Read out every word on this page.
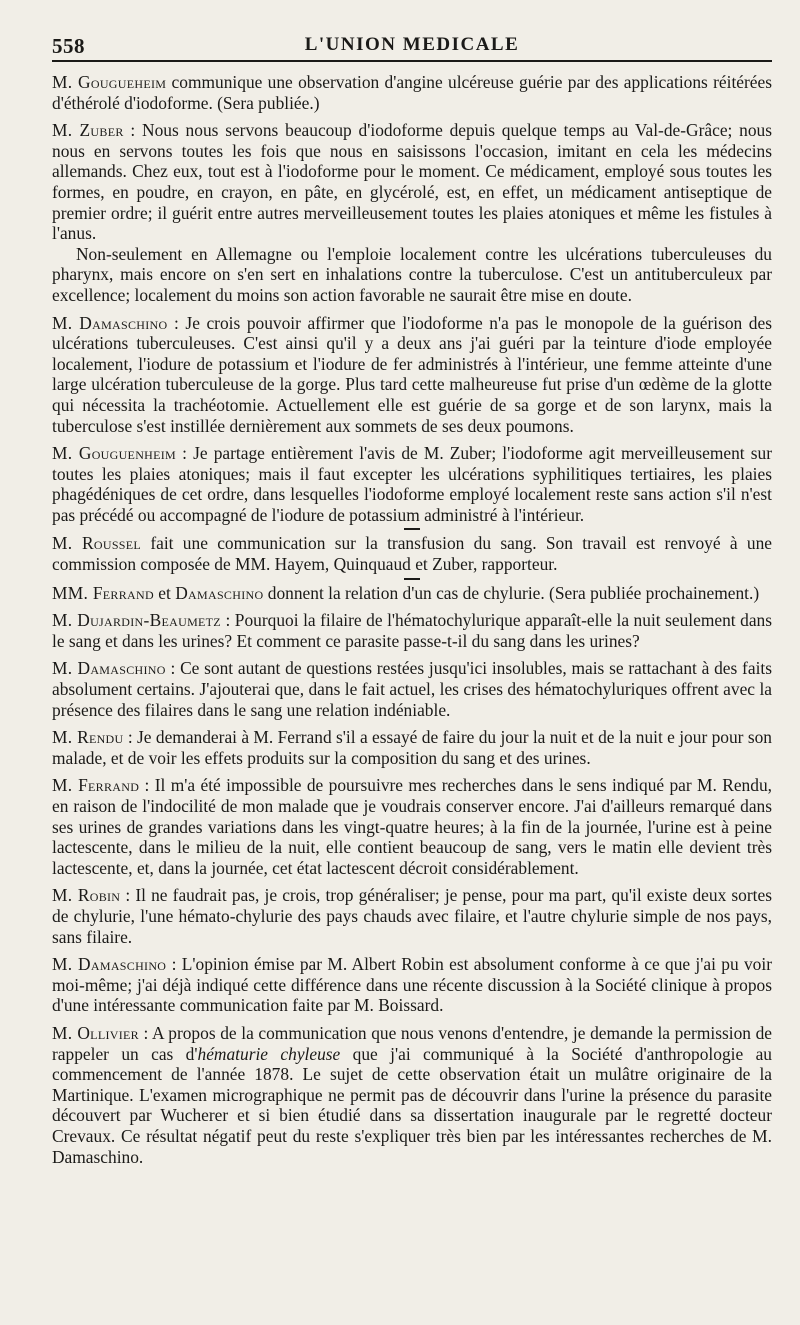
558	L'UNION MEDICALE

M. Gougueheim communique une observation d'angine ulcéreuse guérie par des applications réitérées d'éthérolé d'iodoforme. (Sera publiée.)

M. Zuber : Nous nous servons beaucoup d'iodoforme depuis quelque temps au Val-de-Grâce; nous nous en servons toutes les fois que nous en saisissons l'occasion, imitant en cela les médecins allemands. Chez eux, tout est à l'iodoforme pour le moment. Ce médicament, employé sous toutes les formes, en poudre, en crayon, en pâte, en glycérolé, est, en effet, un médicament antiseptique de premier ordre; il guérit entre autres merveilleusement toutes les plaies atoniques et même les fistules à l'anus.

Non-seulement en Allemagne ou l'emploie localement contre les ulcérations tuberculeuses du pharynx, mais encore on s'en sert en inhalations contre la tuberculose. C'est un antituberculeux par excellence; localement du moins son action favorable ne saurait être mise en doute.

M. Damaschino : Je crois pouvoir affirmer que l'iodoforme n'a pas le monopole de la guérison des ulcérations tuberculeuses. C'est ainsi qu'il y a deux ans j'ai guéri par la teinture d'iode employée localement, l'iodure de potassium et l'iodure de fer administrés à l'intérieur, une femme atteinte d'une large ulcération tuberculeuse de la gorge. Plus tard cette malheureuse fut prise d'un œdème de la glotte qui nécessita la trachéotomie. Actuellement elle est guérie de sa gorge et de son larynx, mais la tuberculose s'est instillée dernièrement aux sommets de ses deux poumons.

M. Gouguenheim : Je partage entièrement l'avis de M. Zuber; l'iodoforme agit merveilleusement sur toutes les plaies atoniques; mais il faut excepter les ulcérations syphilitiques tertiaires, les plaies phagédéniques de cet ordre, dans lesquelles l'iodoforme employé localement reste sans action s'il n'est pas précédé ou accompagné de l'iodure de potassium administré à l'intérieur.

M. Roussel fait une communication sur la transfusion du sang. Son travail est renvoyé à une commission composée de MM. Hayem, Quinquaud et Zuber, rapporteur.

MM. Ferrand et Damaschino donnent la relation d'un cas de chylurie. (Sera publiée prochainement.)

M. Dujardin-Beaumetz : Pourquoi la filaire de l'hématochylurique apparaît-elle la nuit seulement dans le sang et dans les urines? Et comment ce parasite passe-t-il du sang dans les urines?

M. Damaschino : Ce sont autant de questions restées jusqu'ici insolubles, mais se rattachant à des faits absolument certains. J'ajouterai que, dans le fait actuel, les crises des hématochyluriques offrent avec la présence des filaires dans le sang une relation indéniable.

M. Rendu : Je demanderai à M. Ferrand s'il a essayé de faire du jour la nuit et de la nuit e jour pour son malade, et de voir les effets produits sur la composition du sang et des urines.

M. Ferrand : Il m'a été impossible de poursuivre mes recherches dans le sens indiqué par M. Rendu, en raison de l'indocilité de mon malade que je voudrais conserver encore. J'ai d'ailleurs remarqué dans ses urines de grandes variations dans les vingt-quatre heures; à la fin de la journée, l'urine est à peine lactescente, dans le milieu de la nuit, elle contient beaucoup de sang, vers le matin elle devient très lactescente, et, dans la journée, cet état lactescent décroit considérablement.

M. Robin : Il ne faudrait pas, je crois, trop généraliser; je pense, pour ma part, qu'il existe deux sortes de chylurie, l'une hémato-chylurie des pays chauds avec filaire, et l'autre chylurie simple de nos pays, sans filaire.

M. Damaschino : L'opinion émise par M. Albert Robin est absolument conforme à ce que j'ai pu voir moi-même; j'ai déjà indiqué cette différence dans une récente discussion à la Société clinique à propos d'une intéressante communication faite par M. Boissard.

M. Ollivier : A propos de la communication que nous venons d'entendre, je demande la permission de rappeler un cas d'hématurie chyleuse que j'ai communiqué à la Société d'anthropologie au commencement de l'année 1878. Le sujet de cette observation était un mulâtre originaire de la Martinique. L'examen micrographique ne permit pas de découvrir dans l'urine la présence du parasite découvert par Wucherer et si bien étudié dans sa dissertation inaugurale par le regretté docteur Crevaux. Ce résultat négatif peut du reste s'expliquer très bien par les intéressantes recherches de M. Damaschino.
